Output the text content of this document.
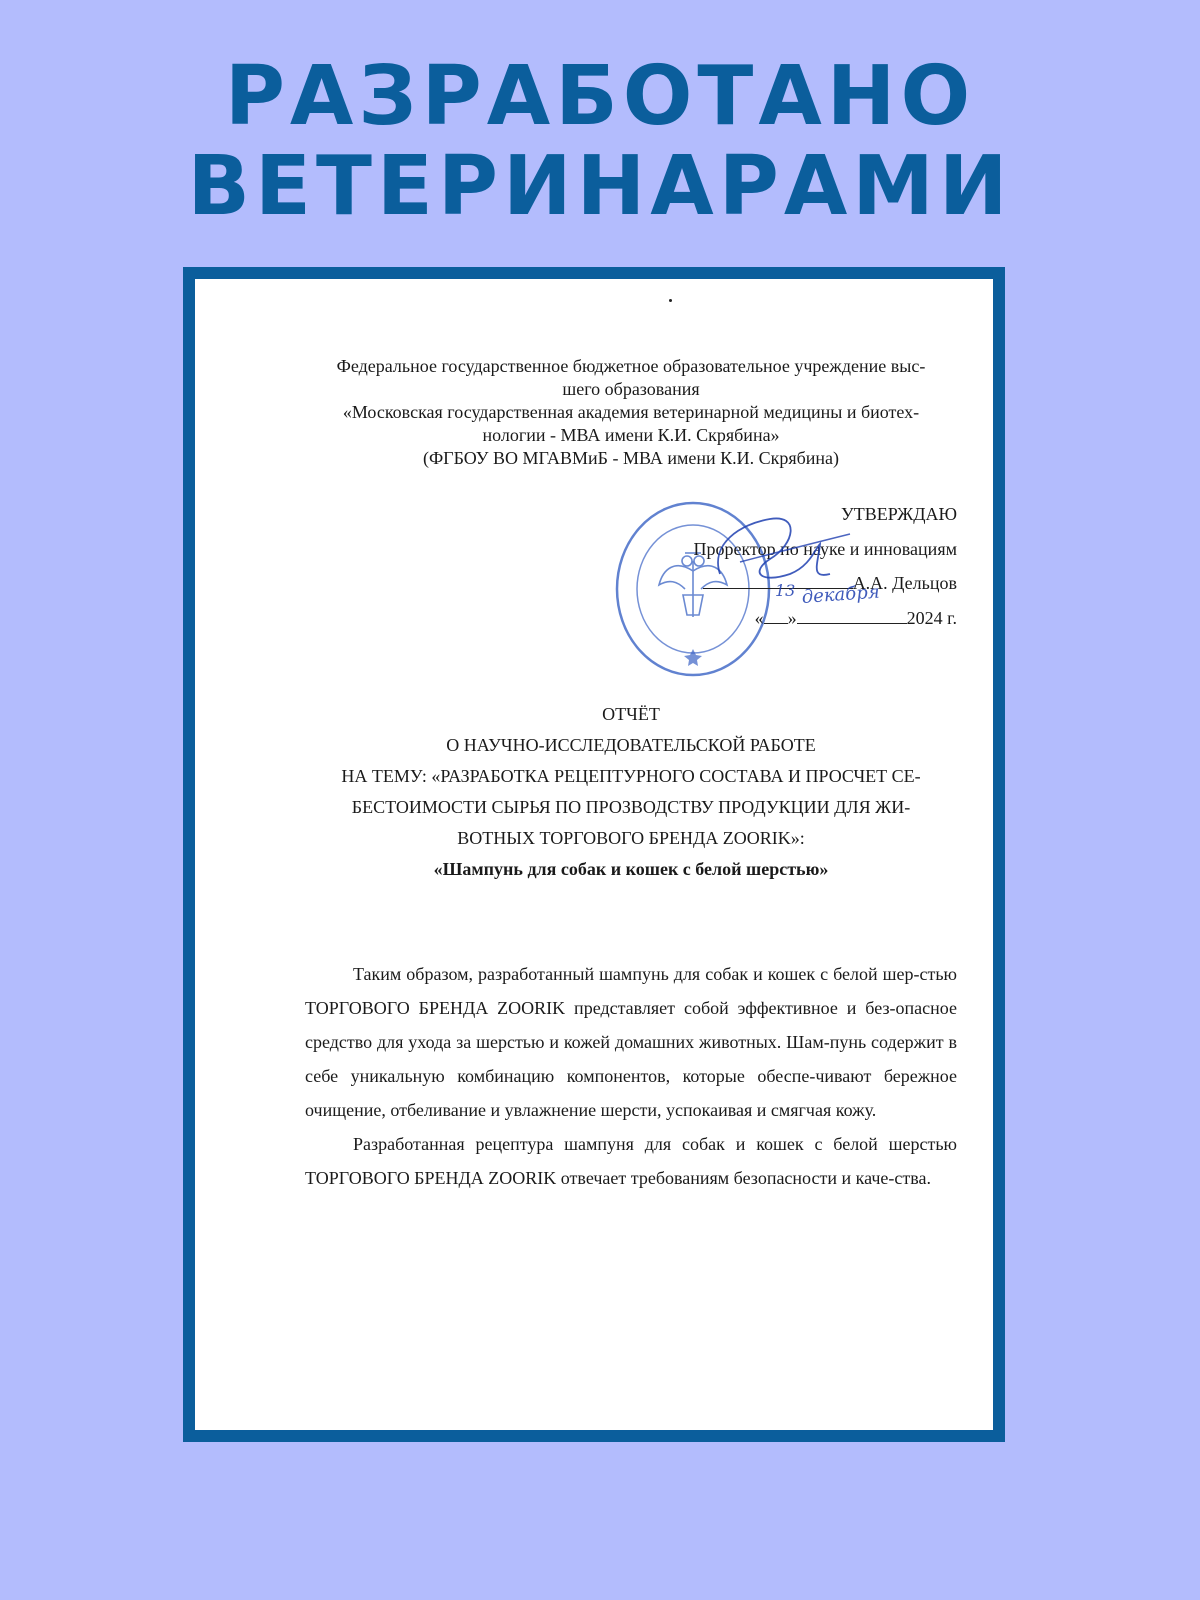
РАЗРАБОТАНО
ВЕТЕРИНАРАМИ
Федеральное государственное бюджетное образовательное учреждение выс-
шего образования
«Московская государственная академия ветеринарной медицины и биотех-
нологии - МВА имени К.И. Скрябина»
(ФГБОУ ВО МГАВМиБ - МВА имени К.И. Скрябина)
УТВЕРЖДАЮ
Проректор по науке и инновациям
А.А. Дельцов
« »	2024 г.
13 декабря
ОТЧЁТ
О НАУЧНО-ИССЛЕДОВАТЕЛЬСКОЙ РАБОТЕ
НА ТЕМУ: «РАЗРАБОТКА РЕЦЕПТУРНОГО СОСТАВА И ПРОСЧЕТ СЕ-
БЕСТОИМОСТИ СЫРЬЯ ПО ПРОЗВОДСТВУ ПРОДУКЦИИ ДЛЯ ЖИ-
ВОТНЫХ ТОРГОВОГО БРЕНДА ZOORIK»:
«Шампунь для собак и кошек с белой шерстью»

Таким образом, разработанный шампунь для собак и кошек с белой шер-стью ТОРГОВОГО БРЕНДА ZOORIK представляет собой эффективное и без-опасное средство для ухода за шерстью и кожей домашних животных. Шам-пунь содержит в себе уникальную комбинацию компонентов, которые обеспе-чивают бережное очищение, отбеливание и увлажнение шерсти, успокаивая и смягчая кожу.

Разработанная рецептура шампуня для собак и кошек с белой шерстью ТОРГОВОГО БРЕНДА ZOORIK отвечает требованиям безопасности и каче-ства.
